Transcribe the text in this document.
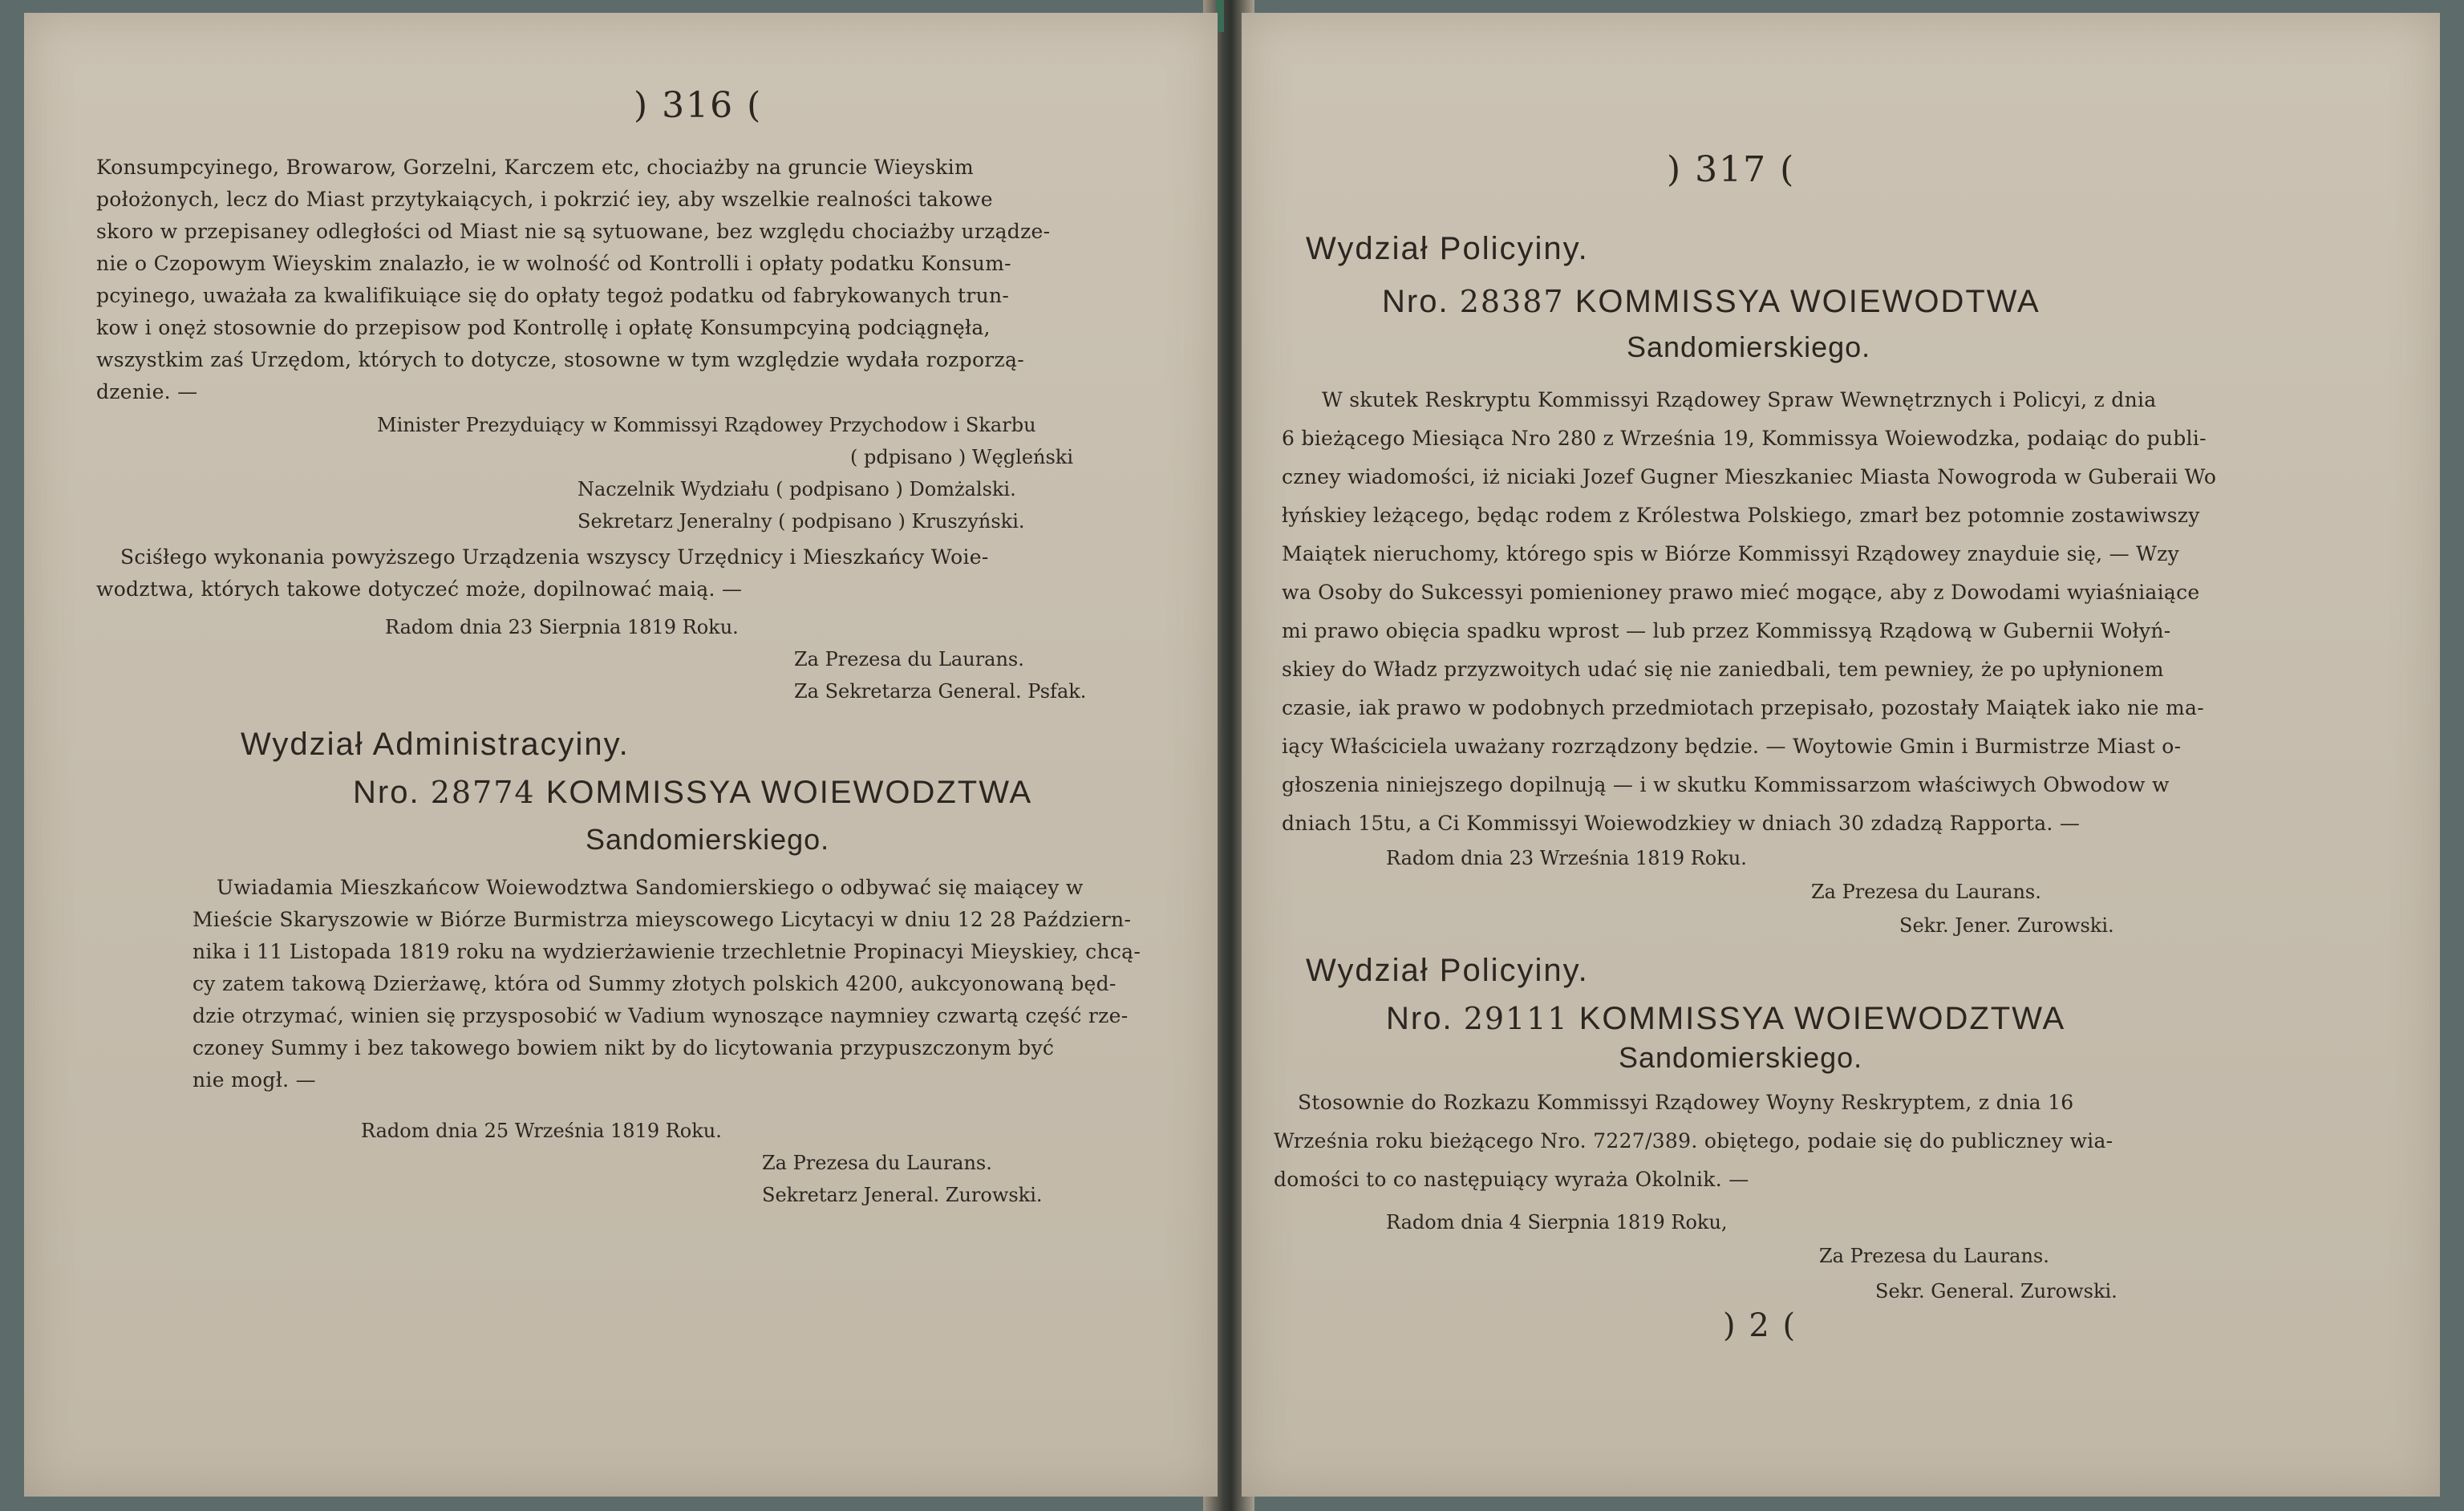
) 316 (
Konsumpcyinego, Browarow, Gorzelni, Karczem etc, chociażby na gruncie Wieyskim
położonych, lecz do Miast przytykaiących, i pokrzić iey, aby wszelkie realności takowe
skoro w przepisaney odległości od Miast nie są sytuowane, bez względu chociażby urządze-
nie o Czopowym Wieyskim znalazło, ie w wolność od Kontrolli i opłaty podatku Konsum-
pcyinego, uważała za kwalifikuiące się do opłaty tegoż podatku od fabrykowanych trun-
kow i onęż stosownie do przepisow pod Kontrollę i opłatę Konsumpcyiną podciągnęła,
wszystkim zaś Urzędom, których to dotycze, stosowne w tym względzie wydała rozporzą-
dzenie. —
Minister Prezyduiący w Kommissyi Rządowey Przychodow i Skarbu
( pdpisano ) Węgleński
Naczelnik Wydziału ( podpisano ) Domżalski.
Sekretarz Jeneralny ( podpisano ) Kruszyński.
Sciśłego wykonania powyższego Urządzenia wszyscy Urzędnicy i Mieszkańcy Woie-
wodztwa, których takowe dotyczeć może, dopilnować maią. —
Radom dnia 23 Sierpnia 1819 Roku.
Za Prezesa du Laurans.
Za Sekretarza General. Psfak.
Wydział Administracyiny.
Nro. 28774 KOMMISSYA WOIEWODZTWA
Sandomierskiego.
Uwiadamia Mieszkańcow Woiewodztwa Sandomierskiego o odbywać się maiącey w
Mieście Skaryszowie w Biórze Burmistrza mieyscowego Licytacyi w dniu 12 28 Październ-
nika i 11 Listopada 1819 roku na wydzierżawienie trzechletnie Propinacyi Mieyskiey, chcą-
cy zatem takową Dzierżawę, która od Summy złotych polskich 4200, aukcyonowaną będ-
dzie otrzymać, winien się przysposobić w Vadium wynoszące naymniey czwartą część rze-
czoney Summy i bez takowego bowiem nikt by do licytowania przypuszczonym być
nie mogł. —
Radom dnia 25 Września 1819 Roku.
Za Prezesa du Laurans.
Sekretarz Jeneral. Zurowski.
) 317 (
Wydział Policyiny.
Nro. 28387 KOMMISSYA WOIEWODTWA
Sandomierskiego.
W skutek Reskryptu Kommissyi Rządowey Spraw Wewnętrznych i Policyi, z dnia
6 bieżącego Miesiąca Nro 280 z Września 19, Kommissya Woiewodzka, podaiąc do publi-
czney wiadomości, iż niciaki Jozef Gugner Mieszkaniec Miasta Nowogroda w Guberaii Wo
łyńskiey leżącego, będąc rodem z Królestwa Polskiego, zmarł bez potomnie zostawiwszy
Maiątek nieruchomy, którego spis w Biórze Kommissyi Rządowey znayduie się, — Wzy
wa Osoby do Sukcessyi pomienioney prawo mieć mogące, aby z Dowodami wyiaśniaiące
mi prawo obięcia spadku wprost — lub przez Kommissyą Rządową w Gubernii Wołyń-
skiey do Władz przyzwoitych udać się nie zaniedbali, tem pewniey, że po upłynionem
czasie, iak prawo w podobnych przedmiotach przepisało, pozostały Maiątek iako nie ma-
iący Właściciela uważany rozrządzony będzie. — Woytowie Gmin i Burmistrze Miast o-
głoszenia niniejszego dopilnują — i w skutku Kommissarzom właściwych Obwodow w
dniach 15tu, a Ci Kommissyi Woiewodzkiey w dniach 30 zdadzą Rapporta. —
Radom dnia 23 Września 1819 Roku.
Za Prezesa du Laurans.
Sekr. Jener. Zurowski.
Wydział Policyiny.
Nro. 29111 KOMMISSYA WOIEWODZTWA
Sandomierskiego.
Stosownie do Rozkazu Kommissyi Rządowey Woyny Reskryptem, z dnia 16
Września roku bieżącego Nro. 7227/389. obiętego, podaie się do publiczney wia-
domości to co następuiący wyraża Okolnik. —
Radom dnia 4 Sierpnia 1819 Roku,
Za Prezesa du Laurans.
Sekr. General. Zurowski.
) 2 (
